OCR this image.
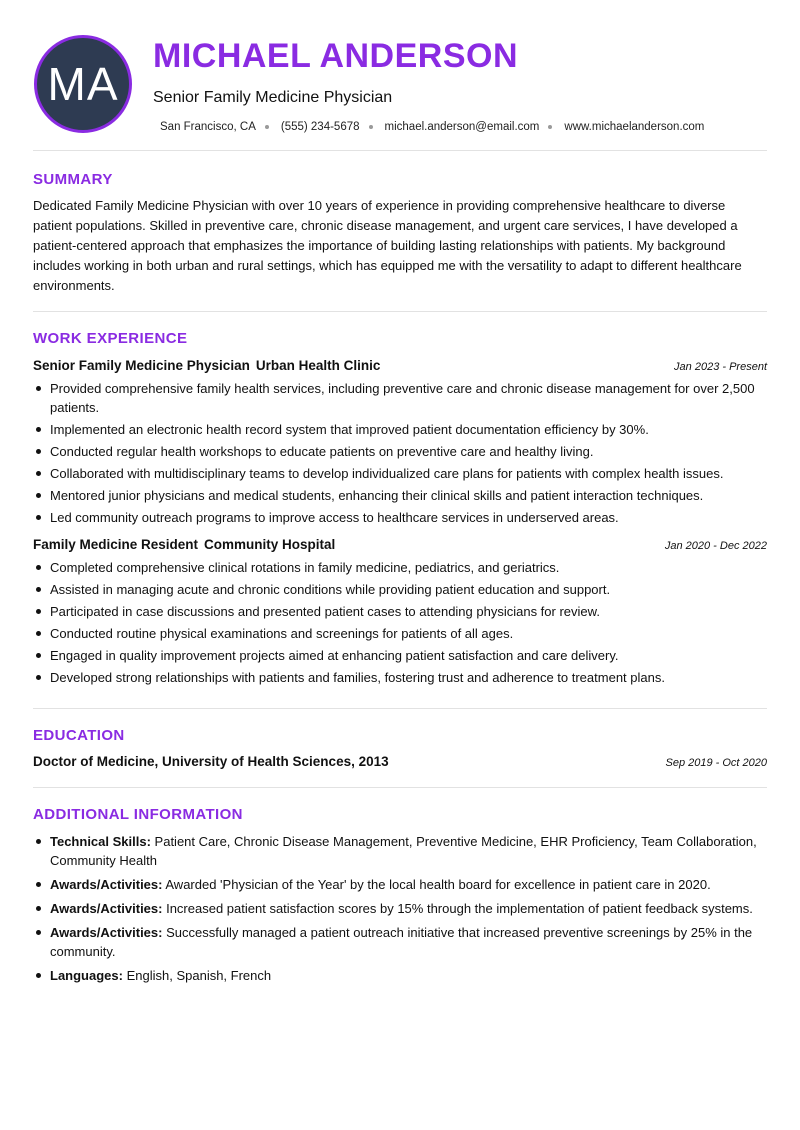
MA
MICHAEL ANDERSON
Senior Family Medicine Physician
San Francisco, CA (555) 234-5678 michael.anderson@email.com www.michaelanderson.com
SUMMARY

Dedicated Family Medicine Physician with over 10 years of experience in providing comprehensive healthcare to diverse patient populations. Skilled in preventive care, chronic disease management, and urgent care services, I have developed a patient-centered approach that emphasizes the importance of building lasting relationships with patients. My background includes working in both urban and rural settings, which has equipped me with the versatility to adapt to different healthcare environments.

WORK EXPERIENCE
Senior Family Medicine Physician Urban Health Clinic	Jan 2023 - Present
Provided comprehensive family health services, including preventive care and chronic disease management for over 2,500 patients.
Implemented an electronic health record system that improved patient documentation efficiency by 30%.
Conducted regular health workshops to educate patients on preventive care and healthy living.
Collaborated with multidisciplinary teams to develop individualized care plans for patients with complex health issues.
Mentored junior physicians and medical students, enhancing their clinical skills and patient interaction techniques.
Led community outreach programs to improve access to healthcare services in underserved areas.
Family Medicine Resident Community Hospital	Jan 2020 - Dec 2022
Completed comprehensive clinical rotations in family medicine, pediatrics, and geriatrics.
Assisted in managing acute and chronic conditions while providing patient education and support.
Participated in case discussions and presented patient cases to attending physicians for review.
Conducted routine physical examinations and screenings for patients of all ages.
Engaged in quality improvement projects aimed at enhancing patient satisfaction and care delivery.
Developed strong relationships with patients and families, fostering trust and adherence to treatment plans.
EDUCATION
Doctor of Medicine, University of Health Sciences, 2013	Sep 2019 - Oct 2020
ADDITIONAL INFORMATION
Technical Skills: Patient Care, Chronic Disease Management, Preventive Medicine, EHR Proficiency, Team Collaboration, Community Health
Awards/Activities: Awarded 'Physician of the Year' by the local health board for excellence in patient care in 2020.
Awards/Activities: Increased patient satisfaction scores by 15% through the implementation of patient feedback systems.
Awards/Activities: Successfully managed a patient outreach initiative that increased preventive screenings by 25% in the community.
Languages: English, Spanish, French
